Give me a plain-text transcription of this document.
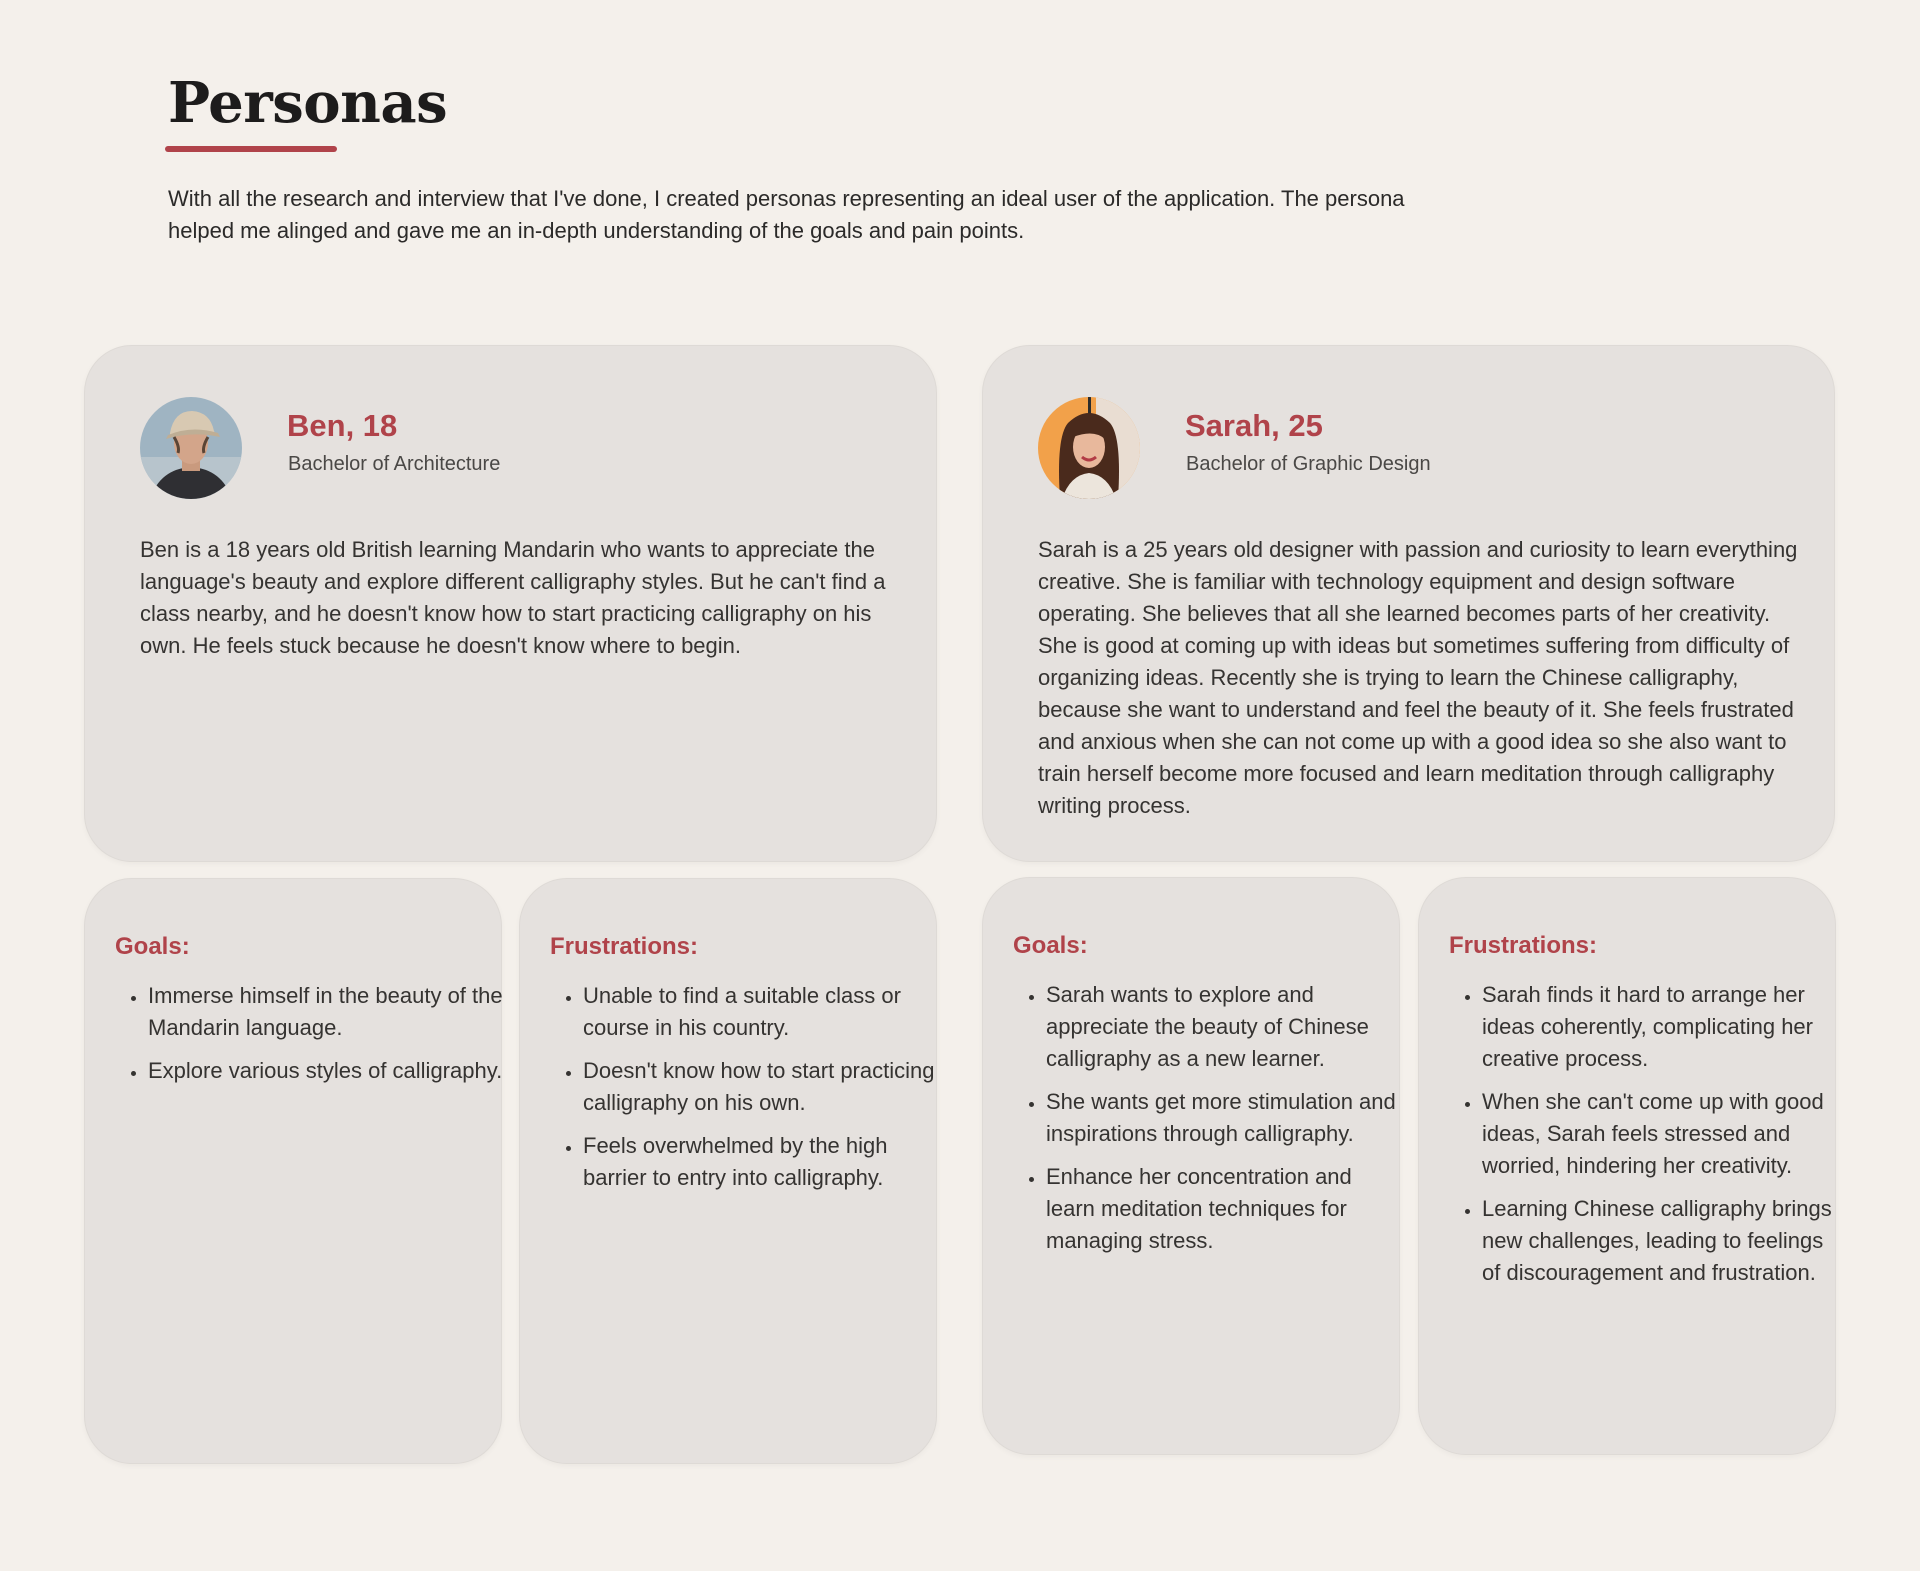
Personas

With all the research and interview that I've done, I created personas representing an ideal user of the application. The persona helped me alinged and gave me an in-depth understanding of the goals and pain points.

Ben, 18

Bachelor of Architecture

Ben is a 18 years old British learning Mandarin who wants to appreciate the language's beauty and explore different calligraphy styles. But he can't find a class nearby, and he doesn't know how to start practicing calligraphy on his own. He feels stuck because he doesn't know where to begin.

Goals:
• Immerse himself in the beauty of the Mandarin language.
• Explore various styles of calligraphy.
Frustrations:
• Unable to find a suitable class or course in his country.
• Doesn't know how to start practicing calligraphy on his own.
• Feels overwhelmed by the high barrier to entry into calligraphy.
Sarah, 25

Bachelor of Graphic Design

Sarah is a 25 years old designer with passion and curiosity to learn everything creative. She is familiar with technology equipment and design software operating. She believes that all she learned becomes parts of her creativity. She is good at coming up with ideas but sometimes suffering from difficulty of organizing ideas. Recently she is trying to learn the Chinese calligraphy, because she want to understand and feel the beauty of it. She feels frustrated and anxious when she can not come up with a good idea so she also want to train herself become more focused and learn meditation through calligraphy writing process.

Goals:
• Sarah wants to explore and appreciate the beauty of Chinese calligraphy as a new learner.
• She wants get more stimulation and inspirations through calligraphy.
• Enhance her concentration and learn meditation techniques for managing stress.
Frustrations:
• Sarah finds it hard to arrange her ideas coherently, complicating her creative process.
• When she can't come up with good ideas, Sarah feels stressed and worried, hindering her creativity.
• Learning Chinese calligraphy brings new challenges, leading to feelings of discouragement and frustration.
